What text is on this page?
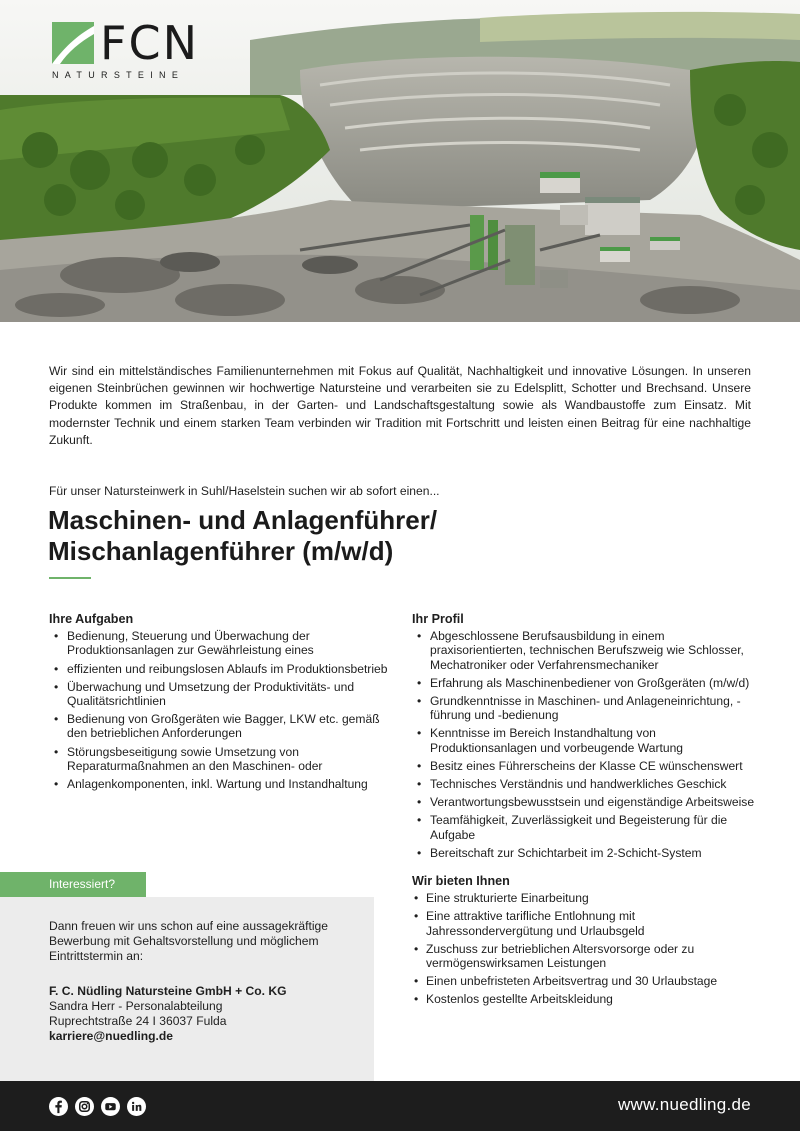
FCN
NATURSTEINE

Wir sind ein mittelständisches Familienunternehmen mit Fokus auf Qualität, Nachhaltigkeit und innovative Lösungen. In unseren eigenen Steinbrüchen gewinnen wir hochwertige Natursteine und verarbeiten sie zu Edelsplitt, Schotter und Brechsand. Unsere Produkte kommen im Straßenbau, in der Garten- und Landschaftsgestaltung sowie als Wandbaustoffe zum Einsatz. Mit modernster Technik und einem starken Team verbinden wir Tradition mit Fortschritt und leisten einen Beitrag für eine nachhaltige Zukunft.

Für unser Natursteinwerk in Suhl/Haselstein suchen wir ab sofort einen...

Maschinen- und Anlagenführer/
Mischanlagenführer (m/w/d)
Ihre Aufgaben
• Bedienung, Steuerung und Überwachung der Produktionsanlagen zur Gewährleistung eines
• effizienten und reibungslosen Ablaufs im Produktionsbetrieb
• Überwachung und Umsetzung der Produktivitäts- und Qualitätsrichtlinien
• Bedienung von Großgeräten wie Bagger, LKW etc. gemäß den betrieblichen Anforderungen
• Störungsbeseitigung sowie Umsetzung von Reparaturmaßnahmen an den Maschinen- oder
• Anlagenkomponenten, inkl. Wartung und Instandhaltung
Ihr Profil
• Abgeschlossene Berufsausbildung in einem praxisorientierten, technischen Berufszweig wie Schlosser, Mechatroniker oder Verfahrensmechaniker
• Erfahrung als Maschinenbediener von Großgeräten (m/w/d)
• Grundkenntnisse in Maschinen- und Anlageneinrichtung, -führung und -bedienung
• Kenntnisse im Bereich Instandhaltung von Produktionsanlagen und vorbeugende Wartung
• Besitz eines Führerscheins der Klasse CE wünschenswert
• Technisches Verständnis und handwerkliches Geschick
• Verantwortungsbewusstsein und eigenständige Arbeitsweise
• Teamfähigkeit, Zuverlässigkeit und Begeisterung für die Aufgabe
• Bereitschaft zur Schichtarbeit im 2-Schicht-System
Wir bieten Ihnen
• Eine strukturierte Einarbeitung
• Eine attraktive tarifliche Entlohnung mit Jahressondervergütung und Urlaubsgeld
• Zuschuss zur betrieblichen Altersvorsorge oder zu vermögenswirksamen Leistungen
• Einen unbefristeten Arbeitsvertrag und 30 Urlaubstage
• Kostenlos gestellte Arbeitskleidung
Interessiert?

Dann freuen wir uns schon auf eine aussagekräftige Bewerbung mit Gehaltsvorstellung und möglichem Eintrittstermin an:

F. C. Nüdling Natursteine GmbH + Co. KG

Sandra Herr - Personalabteilung

Ruprechtstraße 24 I 36037 Fulda

karriere@nuedling.de
www.nuedling.de
